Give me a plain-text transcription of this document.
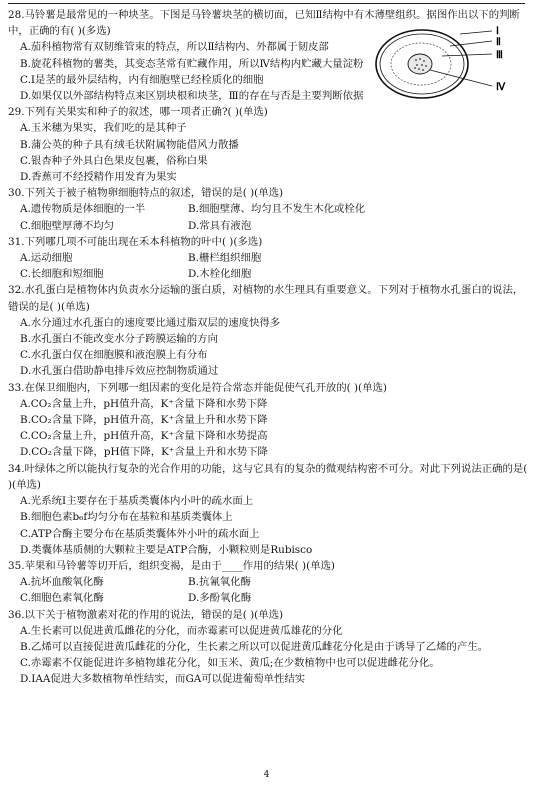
28.马铃薯是最常见的一种块茎。下图是马铃薯块茎的横切面，已知Ⅱ结构中有木薄壁组织。据图作出以下的判断中，正确的有( )(多选)
A.茄科植物常有双韧维管束的特点，所以Ⅱ结构内、外都属于韧皮部
B.旋花科植物的薯类，其变态茎常有贮藏作用，所以Ⅳ结构内贮藏大量淀粉
C.Ⅰ是茎的最外层结构，内有细胞壁已经栓质化的细胞
D.如果仅以外部结构特点来区别块根和块茎，Ⅲ的存在与否是主要判断依据
29.下列有关果实和种子的叙述，哪一项者正确?( )(单选)
A.玉米穗为果实，我们吃的是其种子
B.蒲公英的种子具有绒毛状附属物能借风力散播
C.银杏种子外具白色果皮包裹，俗称白果
D.香蕉可不经授精作用发育为果实
30.下列关于被子植物卵细胞特点的叙述，错误的是( )(单选)
A.遗传物质是体细胞的一半	B.细胞壁薄、均匀且不发生木化或栓化
C.细胞壁厚薄不均匀	D.常具有液泡
31.下列哪几项不可能出现在禾本科植物的叶中( )(多选)
A.运动细胞	B.栅栏组织细胞
C.长细胞和短细胞	D.木栓化细胞
32.水孔蛋白是植物体内负责水分运输的蛋白质，对植物的水生理具有重要意义。下列对于植物水孔蛋白的说法，错误的是( )(单选)
A.水分通过水孔蛋白的速度要比通过脂双层的速度快得多
B.水孔蛋白不能改变水分子跨膜运输的方向
C.水孔蛋白仅在细胞膜和液泡膜上有分布
D.水孔蛋白借助静电排斥效应控制物质通过
33.在保卫细胞内，下列哪一组因素的变化是符合常态并能促使气孔开放的( )(单选)
A.CO₂含量上升，pH值升高，K⁺含量下降和水势下降
B.CO₂含量下降，pH值升高，K⁺含量上升和水势下降
C.CO₂含量上升，pH值升高，K⁺含量下降和水势提高
D.CO₂含量下降，pH值下降，K⁺含量上升和水势下降
34.叶绿体之所以能执行复杂的光合作用的功能，这与它具有的复杂的微观结构密不可分。对此下列说法正确的是( )(单选)
A.光系统Ⅰ主要存在于基质类囊体内小叶的疏水面上
B.细胞色素b₆f均匀分布在基粒和基质类囊体上
C.ATP合酶主要分布在基质类囊体外小叶的疏水面上
D.类囊体基质侧的大颗粒主要是ATP合酶，小颗粒则是Rubisco
35.苹果和马铃薯等切开后，组织变褐，是由于____作用的结果( )(单选)
A.抗坏血酸氧化酶	B.抗氰氧化酶
C.细胞色素氧化酶	D.多酚氧化酶
36.以下关于植物激素对花的作用的说法，错误的是( )(单选)
A.生长素可以促进黄瓜雌花的分化，而赤霉素可以促进黄瓜雄花的分化
B.乙烯可以直接促进黄瓜雌花的分化，生长素之所以可以促进黄瓜雌花分化是由于诱导了乙烯的产生。
C.赤霉素不仅能促进许多植物雄花分化，如玉米、黄瓜;在少数植物中也可以促进雌花分化。
D.IAA促进大多数植物单性结实，而GA可以促进葡萄单性结实
Ⅰ
Ⅱ
Ⅲ
Ⅳ
4
